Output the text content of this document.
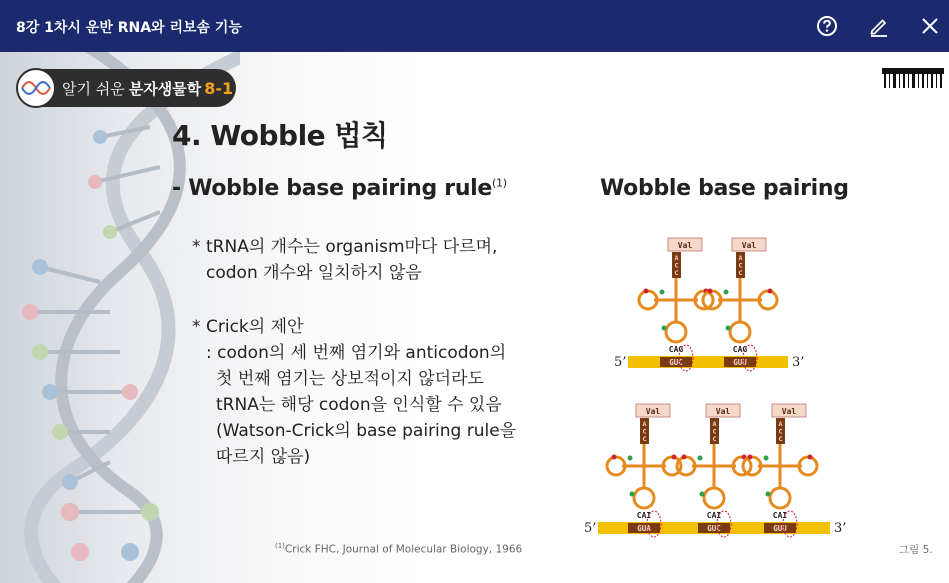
8강 1차시 운반 RNA와 리보솜 기능
알기 쉬운 분자생물학 8-1
4. Wobble 법칙
- Wobble base pairing rule$^{(1)}$
* tRNA의 개수는 organism마다 다르며,
codon 개수와 일치하지 않음
* Crick의 제안
: codon의 세 번째 염기와 anticodon의
첫 번째 염기는 상보적이지 않더라도
tRNA는 해당 codon을 인식할 수 있음
(Watson-Crick의 base pairing rule을
따르지 않음)
$^{(1)}$Crick FHC, Journal of Molecular Biology, 1966	그림 5.
Wobble base pairing
Val
A
C
C
CAG
Val
A
C
C
CAG
5’	3’
GUC	GUU
Val
A
C
C
CAI
Val
A
C
C
CAI
Val
A
C
C
CAI
5’	3’
GUA	GUC	GUU
